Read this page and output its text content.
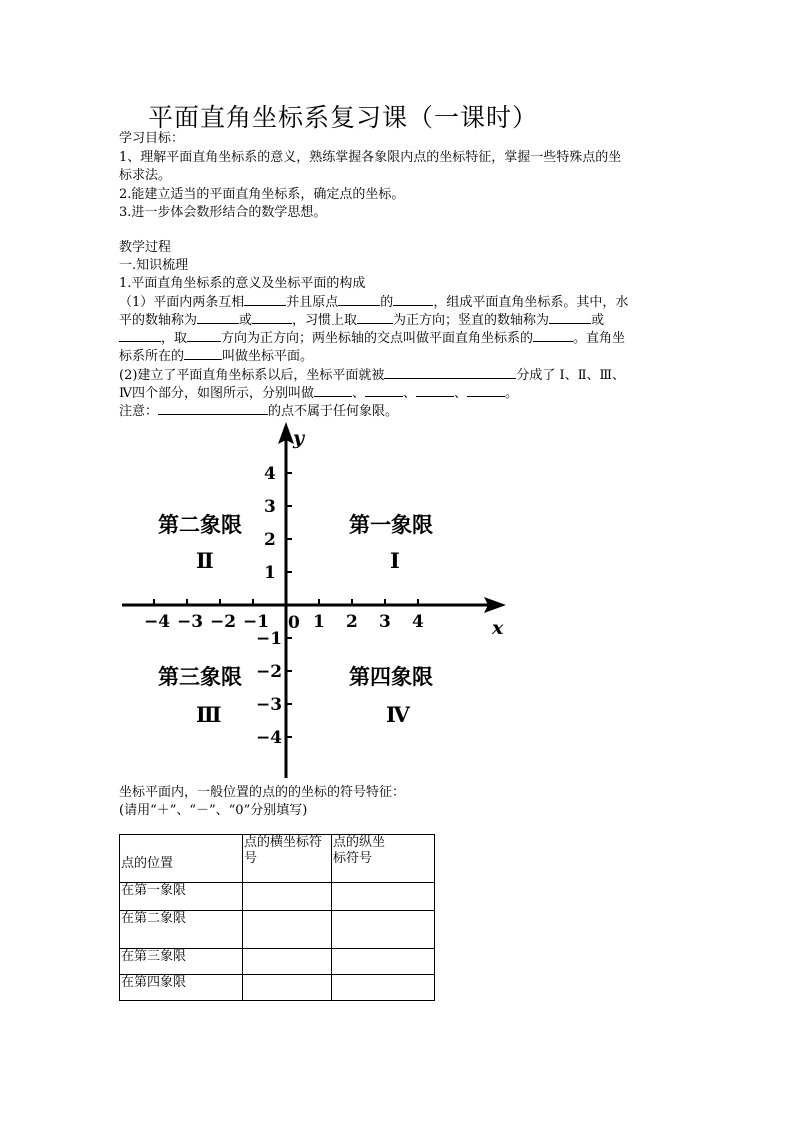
平面直角坐标系复习课（一课时）
学习目标：
1、理解平面直角坐标系的意义，熟练掌握各象限内点的坐标特征，掌握一些特殊点的坐
标求法。
2.能建立适当的平面直角坐标系，确定点的坐标。
3.进一步体会数形结合的数学思想。
教学过程
一.知识梳理
1.平面直角坐标系的意义及坐标平面的构成
（1）平面内两条互相	并且原点	的	，组成平面直角坐标系。其中，水
平的数轴称为	或	，习惯上取	为正方向；竖直的数轴称为	或
，取	方向为正方向；两坐标轴的交点叫做平面直角坐标系的	。直角坐
标系所在的	叫做坐标平面。
(2)建立了平面直角坐标系以后，坐标平面就被	分成了 Ⅰ、Ⅱ、Ⅲ、
Ⅳ四个部分，如图所示，分别叫做	、	、	、	。
注意：	的点不属于任何象限。
−4 −3 −2 −1	1 2 3 4
4
3
2
1
−1
−2
−3
−4
y
x
0
第二象限
Ⅱ
第一象限
Ⅰ
第三象限
Ⅲ
第四象限
Ⅳ
坐标平面内，一般位置的点的的坐标的符号特征：
(请用“＋”、“－”、“0”分别填写)
点的位置	点的横坐标符
号	点的纵坐
标符号
在第一象限		
在第二象限		
在第三象限		
在第四象限		
